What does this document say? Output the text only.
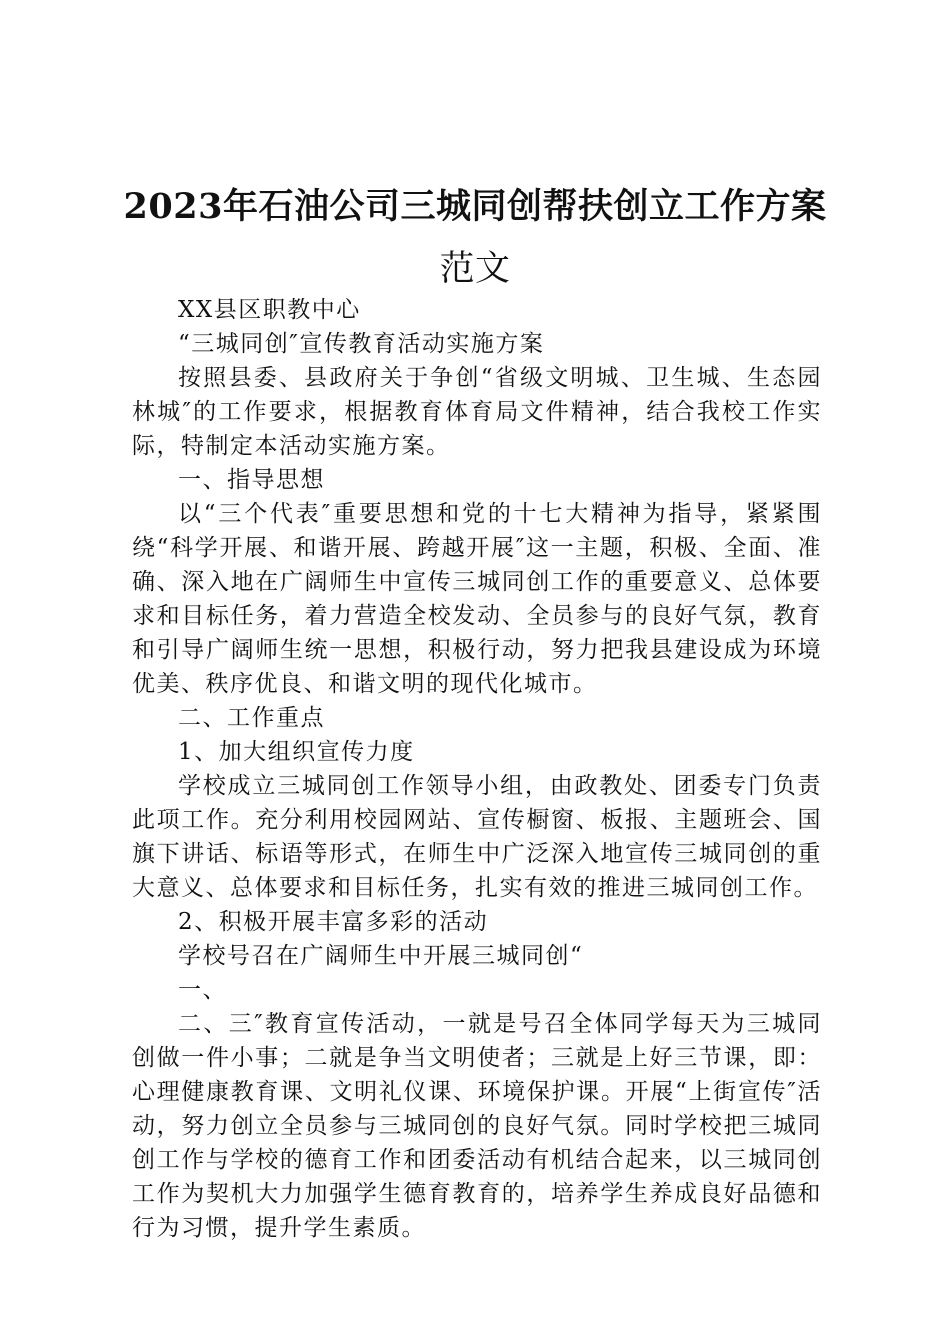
2023年石油公司三城同创帮扶创立工作方案
范文

XX县区职教中心

“三城同创″宣传教育活动实施方案

按照县委、县政府关于争创“省级文明城、卫生城、生态园林城″的工作要求，根据教育体育局文件精神，结合我校工作实际，特制定本活动实施方案。

一、指导思想

以“三个代表″重要思想和党的十七大精神为指导，紧紧围绕“科学开展、和谐开展、跨越开展″这一主题，积极、全面、准确、深入地在广阔师生中宣传三城同创工作的重要意义、总体要求和目标任务，着力营造全校发动、全员参与的良好气氛，教育和引导广阔师生统一思想，积极行动，努力把我县建设成为环境优美、秩序优良、和谐文明的现代化城市。

二、工作重点

1、加大组织宣传力度

学校成立三城同创工作领导小组，由政教处、团委专门负责此项工作。充分利用校园网站、宣传橱窗、板报、主题班会、国旗下讲话、标语等形式，在师生中广泛深入地宣传三城同创的重大意义、总体要求和目标任务，扎实有效的推进三城同创工作。

2、积极开展丰富多彩的活动

学校号召在广阔师生中开展三城同创“

一、

二、三″教育宣传活动，一就是号召全体同学每天为三城同创做一件小事；二就是争当文明使者；三就是上好三节课，即：心理健康教育课、文明礼仪课、环境保护课。开展“上街宣传″活动，努力创立全员参与三城同创的良好气氛。同时学校把三城同创工作与学校的德育工作和团委活动有机结合起来，以三城同创工作为契机大力加强学生德育教育的，培养学生养成良好品德和行为习惯，提升学生素质。
